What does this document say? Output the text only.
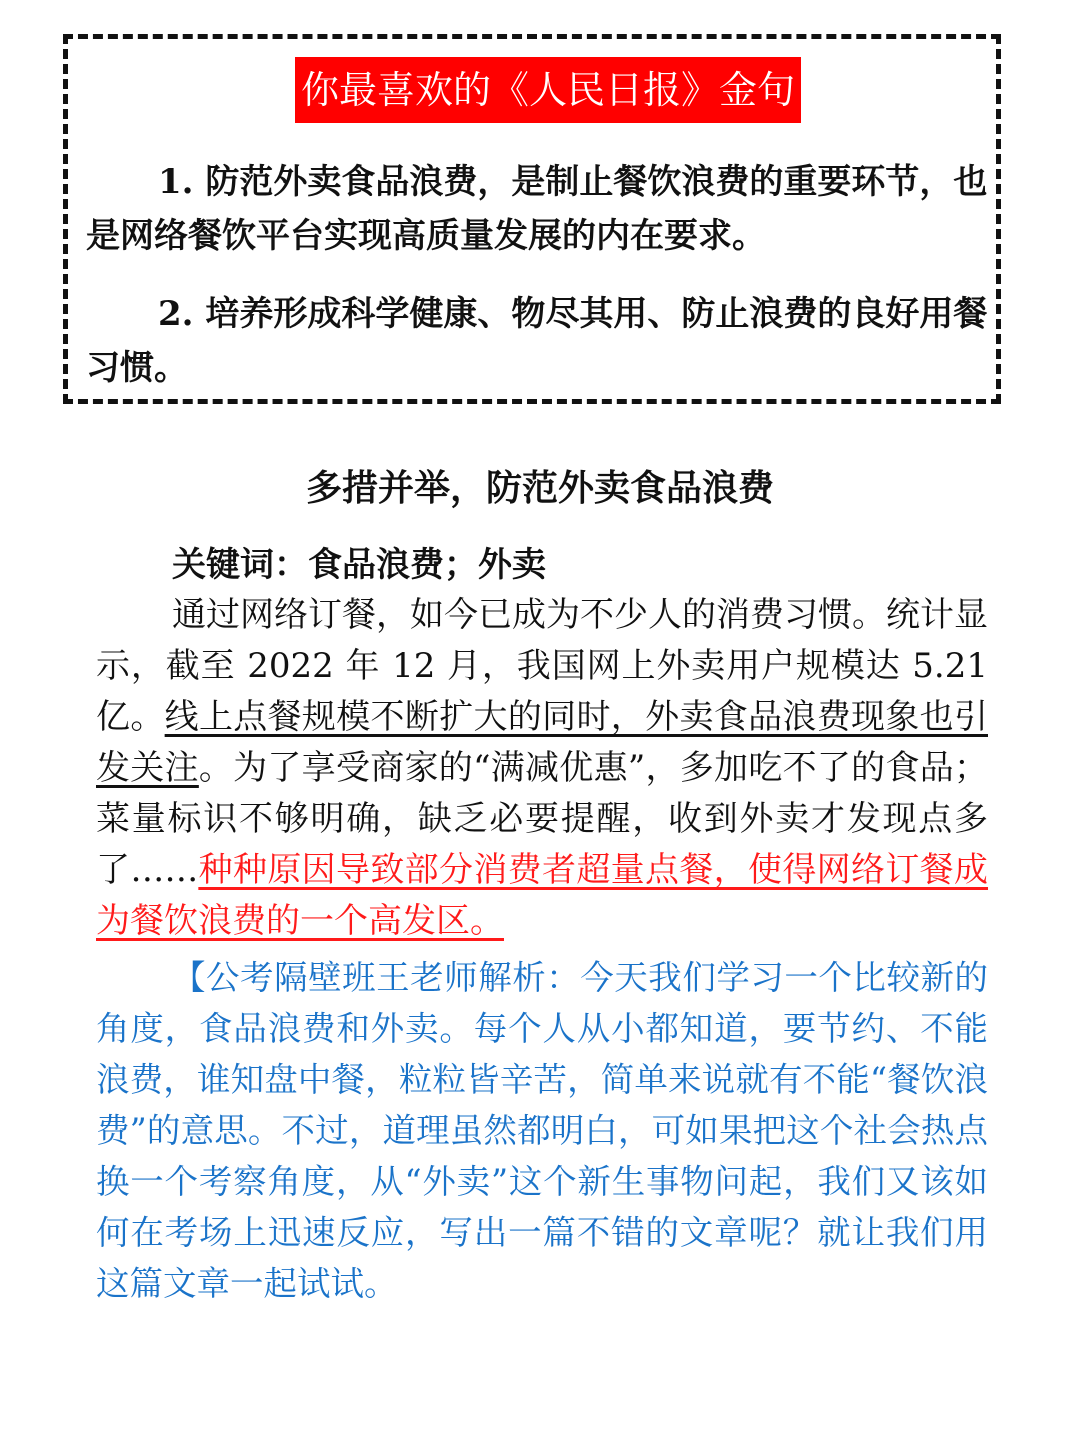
你最喜欢的《人民日报》金句

1. 防范外卖食品浪费，是制止餐饮浪费的重要环节，也是网络餐饮平台实现高质量发展的内在要求。

2. 培养形成科学健康、物尽其用、防止浪费的良好用餐习惯。

多措并举，防范外卖食品浪费
关键词：食品浪费；外卖

通过网络订餐，如今已成为不少人的消费习惯。统计显示，截至 2022 年 12 月，我国网上外卖用户规模达 5.21 亿。线上点餐规模不断扩大的同时，外卖食品浪费现象也引发关注。为了享受商家的“满减优惠”，多加吃不了的食品；菜量标识不够明确，缺乏必要提醒，收到外卖才发现点多了……种种原因导致部分消费者超量点餐，使得网络订餐成为餐饮浪费的一个高发区。

【公考隔壁班王老师解析：今天我们学习一个比较新的角度，食品浪费和外卖。每个人从小都知道，要节约、不能浪费，谁知盘中餐，粒粒皆辛苦，简单来说就有不能“餐饮浪费”的意思。不过，道理虽然都明白，可如果把这个社会热点换一个考察角度，从“外卖”这个新生事物问起，我们又该如何在考场上迅速反应，写出一篇不错的文章呢？就让我们用这篇文章一起试试。
